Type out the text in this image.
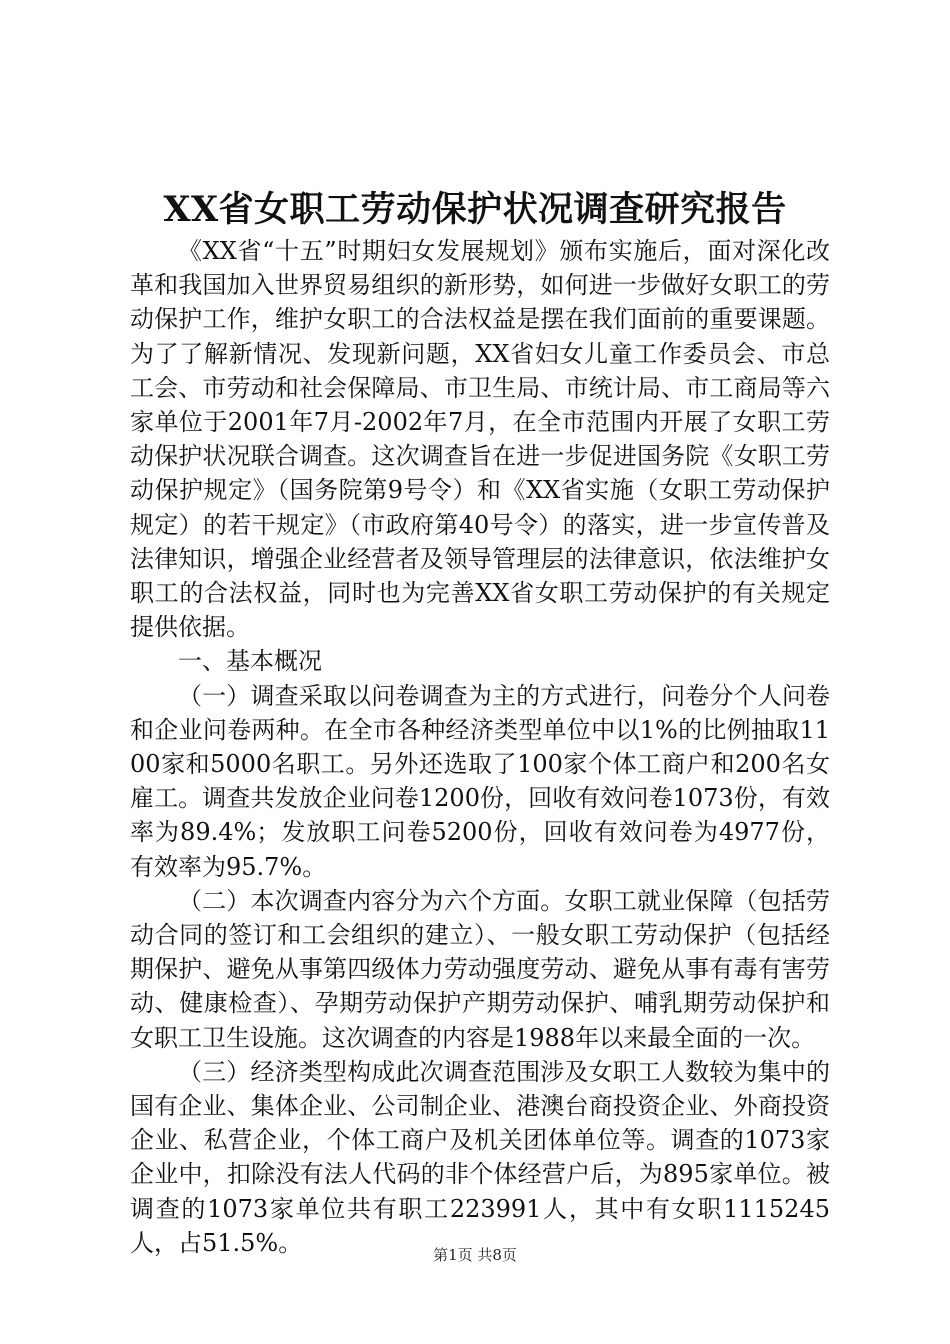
XX省女职工劳动保护状况调查研究报告

《XX省“十五”时期妇女发展规划》颁布实施后，面对深化改革和我国加入世界贸易组织的新形势，如何进一步做好女职工的劳动保护工作，维护女职工的合法权益是摆在我们面前的重要课题。为了了解新情况、发现新问题，XX省妇女儿童工作委员会、市总工会、市劳动和社会保障局、市卫生局、市统计局、市工商局等六家单位于2001年7月-2002年7月，在全市范围内开展了女职工劳动保护状况联合调查。这次调查旨在进一步促进国务院《女职工劳动保护规定》（国务院第9号令）和《XX省实施（女职工劳动保护规定）的若干规定》（市政府第40号令）的落实，进一步宣传普及法律知识，增强企业经营者及领导管理层的法律意识，依法维护女职工的合法权益，同时也为完善XX省女职工劳动保护的有关规定提供依据。

一、基本概况

（一）调查采取以问卷调查为主的方式进行，问卷分个人问卷和企业问卷两种。在全市各种经济类型单位中以1%的比例抽取1100家和5000名职工。另外还选取了100家个体工商户和200名女雇工。调查共发放企业问卷1200份，回收有效问卷1073份，有效率为89.4%；发放职工问卷5200份，回收有效问卷为4977份，有效率为95.7%。

（二）本次调查内容分为六个方面。女职工就业保障（包括劳动合同的签订和工会组织的建立）、一般女职工劳动保护（包括经期保护、避免从事第四级体力劳动强度劳动、避免从事有毒有害劳动、健康检查）、孕期劳动保护产期劳动保护、哺乳期劳动保护和女职工卫生设施。这次调查的内容是1988年以来最全面的一次。

（三）经济类型构成此次调查范围涉及女职工人数较为集中的国有企业、集体企业、公司制企业、港澳台商投资企业、外商投资企业、私营企业，个体工商户及机关团体单位等。调查的1073家企业中，扣除没有法人代码的非个体经营户后，为895家单位。被调查的1073家单位共有职工223991人，其中有女职1115245人，占51.5%。	第1页 共8页
